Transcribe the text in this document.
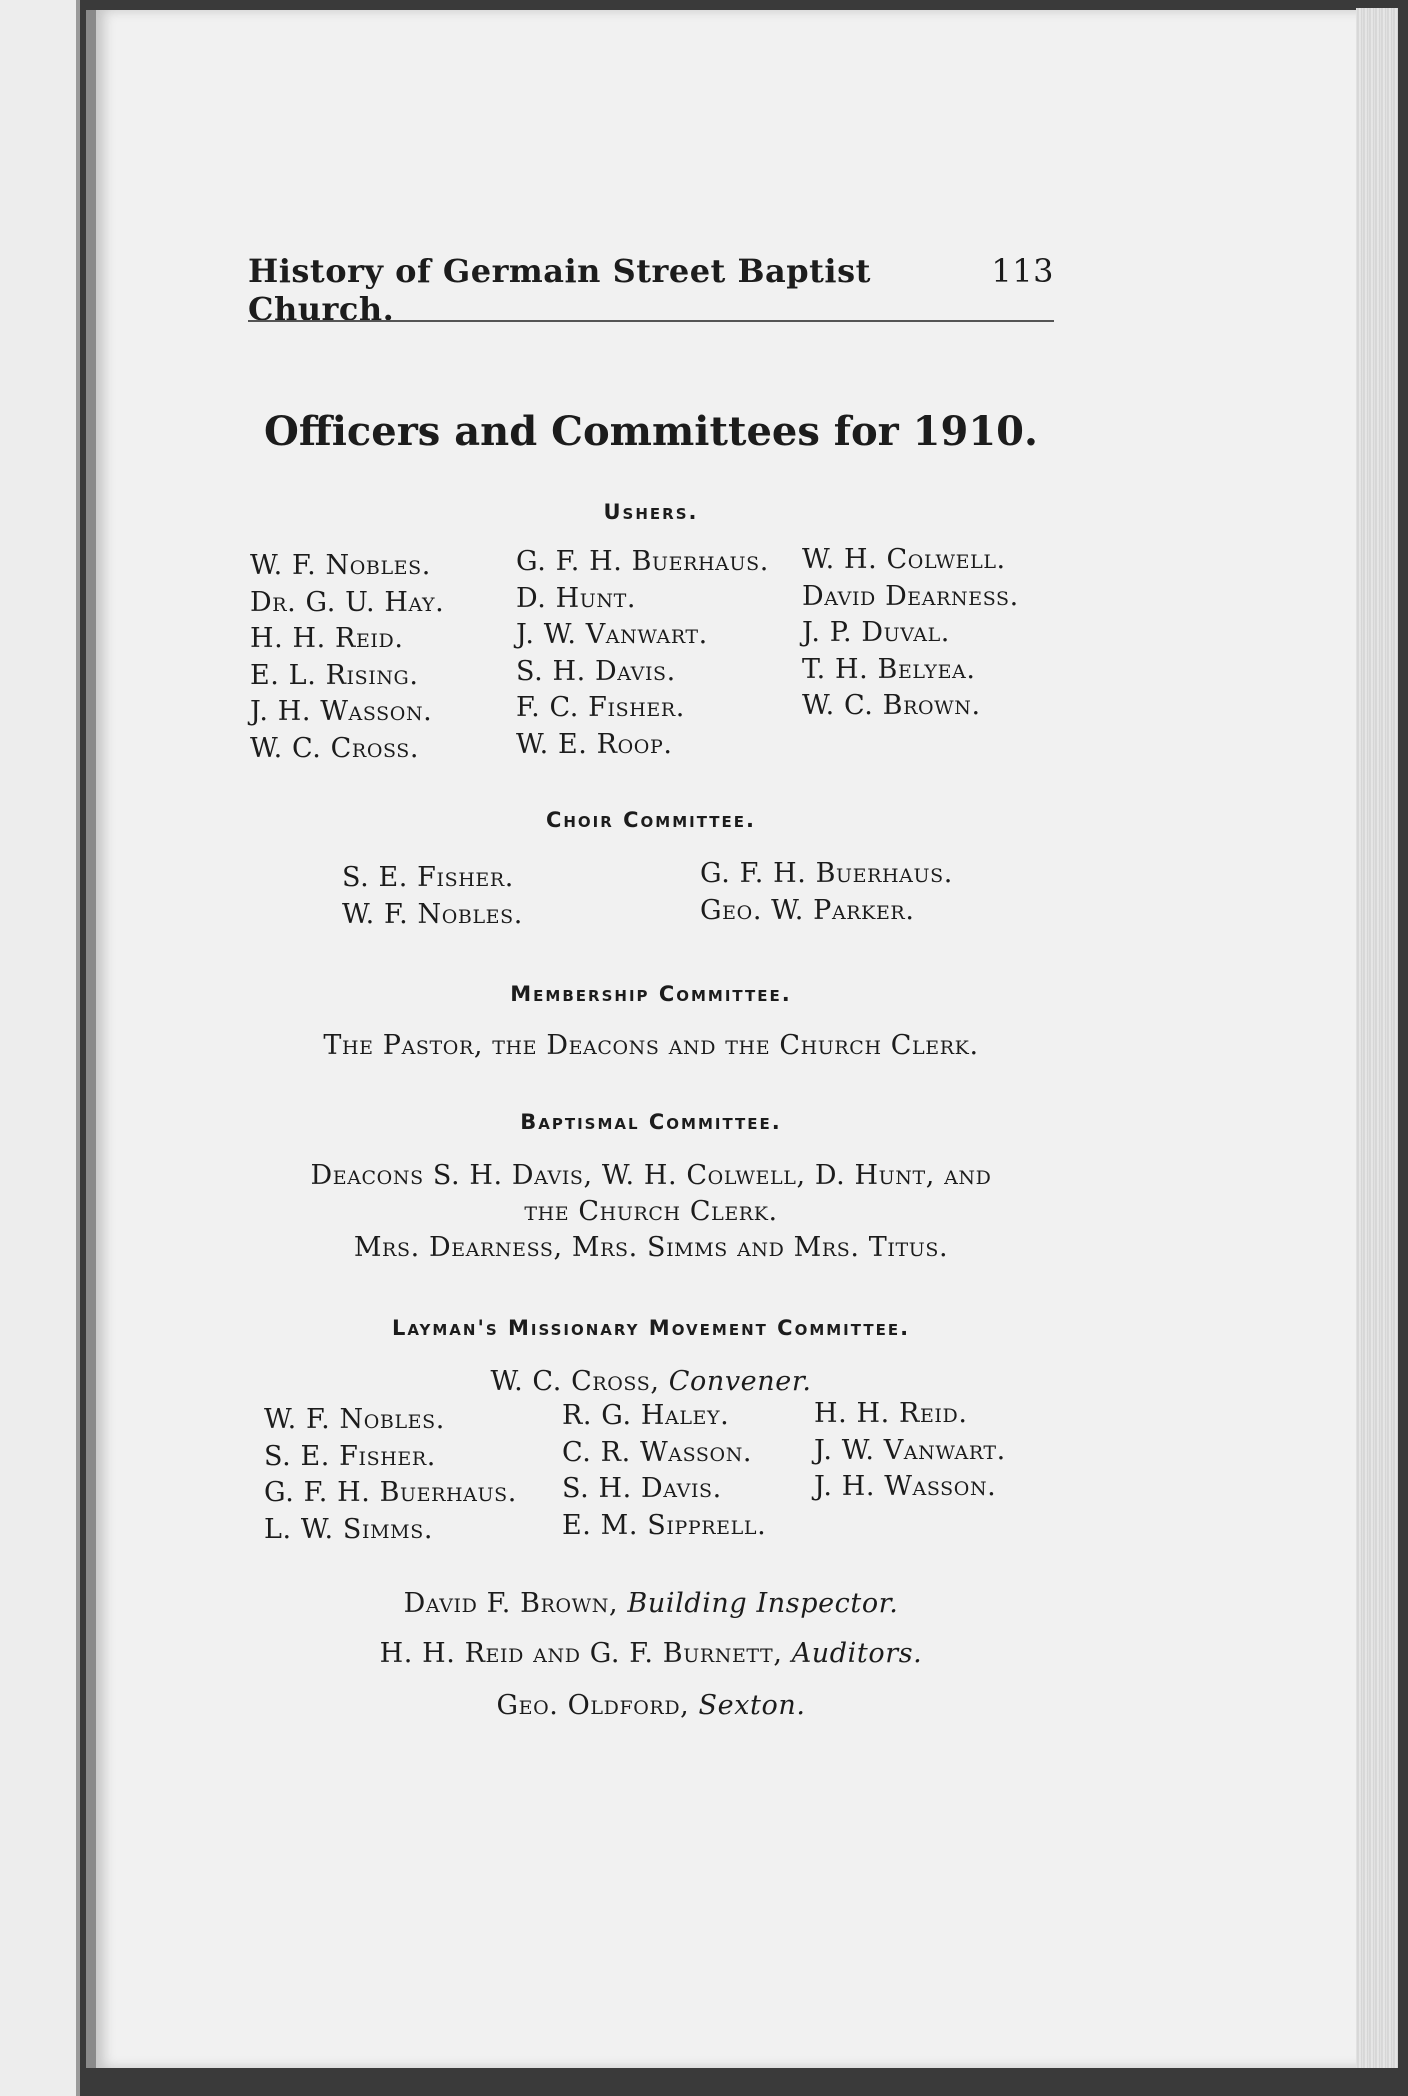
History of Germain Street Baptist Church.
113
Officers and Committees for 1910.
Ushers.
W. F. Nobles.
Dr. G. U. Hay.
H. H. Reid.
E. L. Rising.
J. H. Wasson.
W. C. Cross.
G. F. H. Buerhaus.
D. Hunt.
J. W. Vanwart.
S. H. Davis.
F. C. Fisher.
W. E. Roop.
W. H. Colwell.
David Dearness.
J. P. Duval.
T. H. Belyea.
W. C. Brown.
Choir Committee.
S. E. Fisher.
W. F. Nobles.
G. F. H. Buerhaus.
Geo. W. Parker.
Membership Committee.
The Pastor, the Deacons and the Church Clerk.
Baptismal Committee.
Deacons S. H. Davis, W. H. Colwell, D. Hunt, and
the Church Clerk.
Mrs. Dearness, Mrs. Simms and Mrs. Titus.
Layman's Missionary Movement Committee.
W. C. Cross, Convener.
W. F. Nobles.
S. E. Fisher.
G. F. H. Buerhaus.
L. W. Simms.
R. G. Haley.
C. R. Wasson.
S. H. Davis.
E. M. Sipprell.
H. H. Reid.
J. W. Vanwart.
J. H. Wasson.
David F. Brown, Building Inspector.
H. H. Reid and G. F. Burnett, Auditors.
Geo. Oldford, Sexton.
